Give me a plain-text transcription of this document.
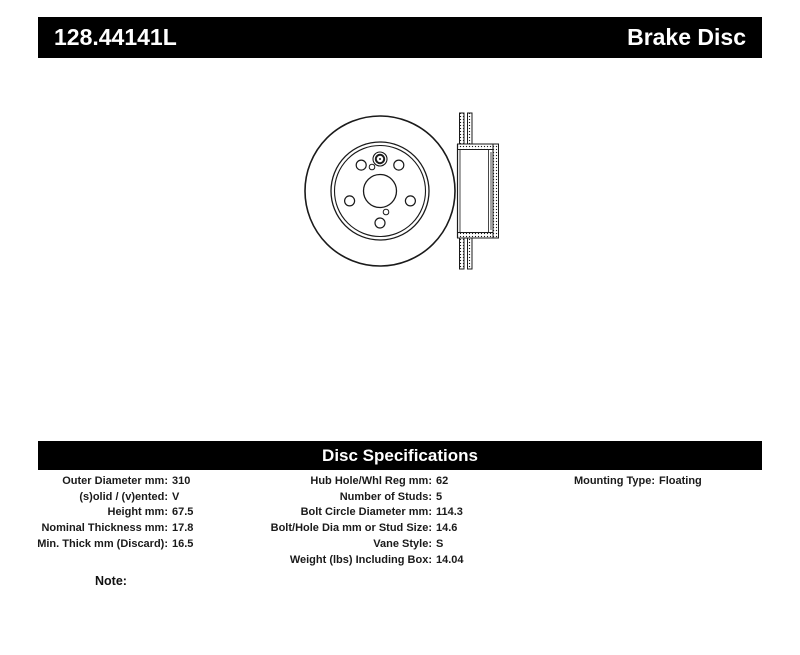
128.44141L	Brake Disc
Disc Specifications
Outer Diameter mm: 310
(s)olid / (v)ented: V
Height mm: 67.5
Nominal Thickness mm: 17.8
Min. Thick mm (Discard): 16.5
Hub Hole/Whl Reg mm: 62
Number of Studs: 5
Bolt Circle Diameter mm: 114.3
Bolt/Hole Dia mm or Stud Size: 14.6
Vane Style: S
Weight (lbs) Including Box: 14.04
Mounting Type: Floating
Note:
